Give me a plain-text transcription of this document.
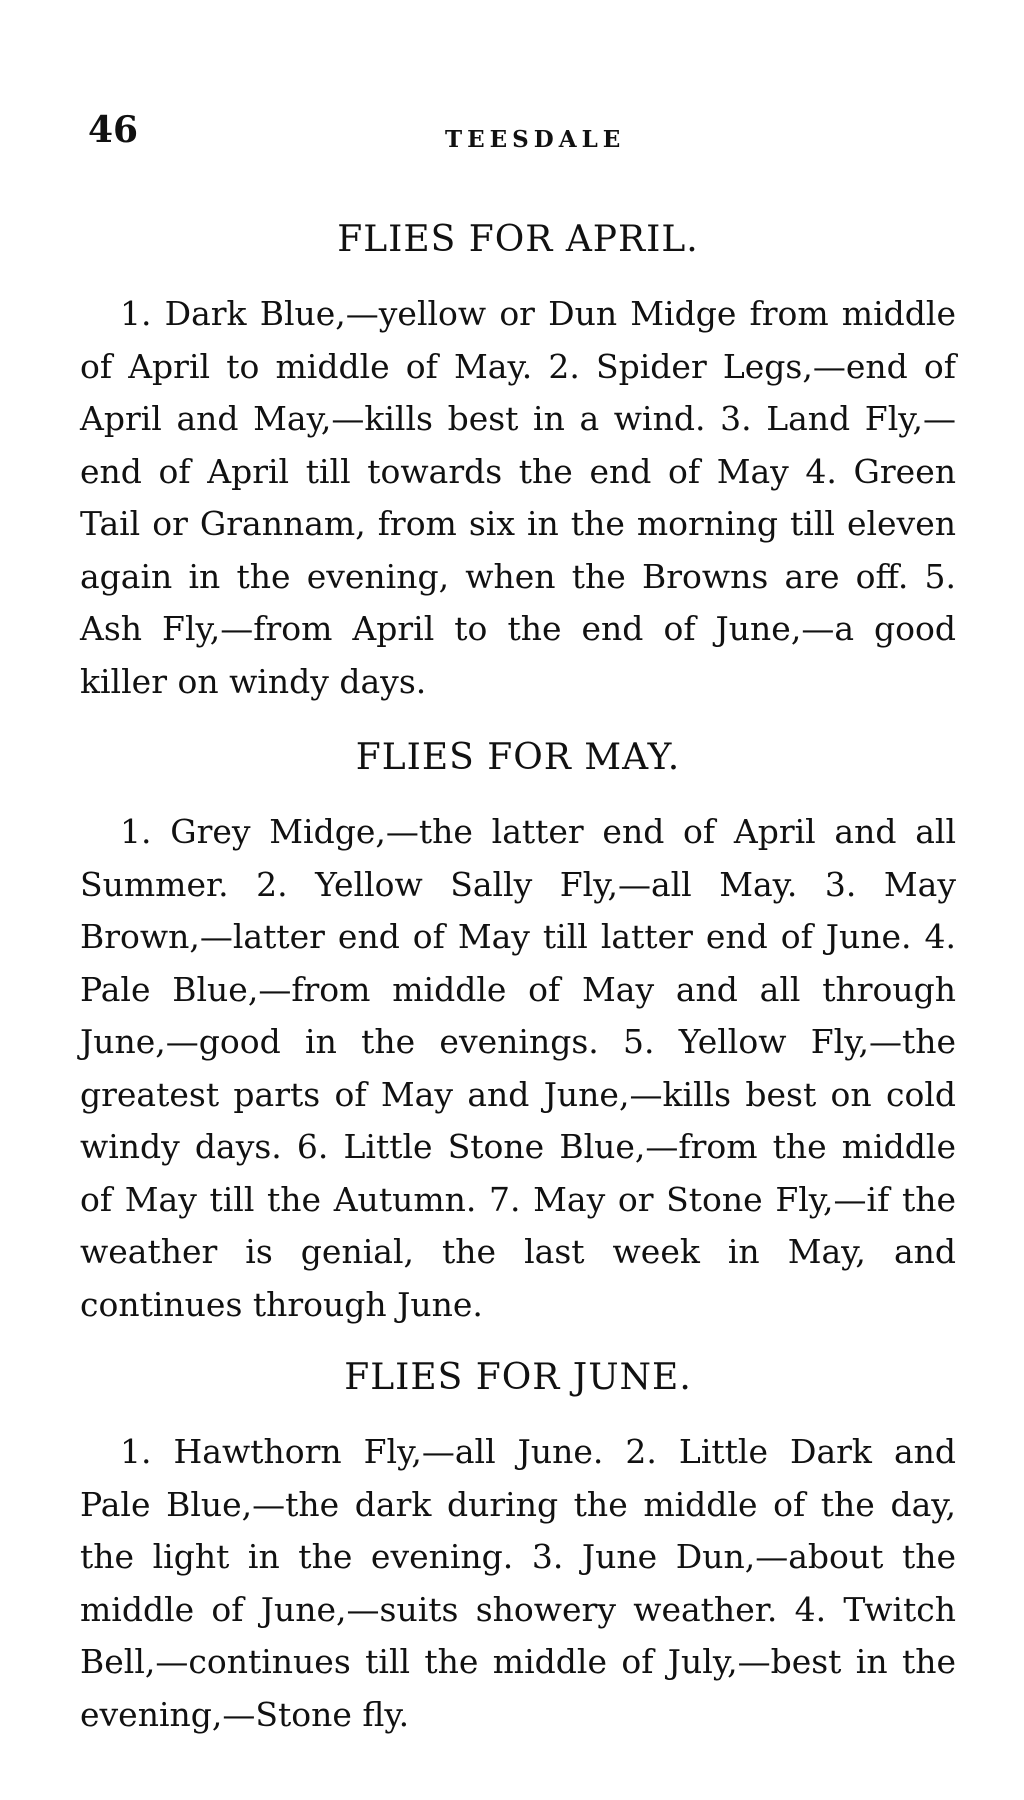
46	TEESDALE
FLIES FOR APRIL.

1. Dark Blue,—yellow or Dun Midge from middle of April to middle of May. 2. Spider Legs,—end of April and May,—kills best in a wind. 3. Land Fly,—end of April till towards the end of May 4. Green Tail or Grannam, from six in the morning till eleven again in the evening, when the Browns are off. 5. Ash Fly,—from April to the end of June,—a good killer on windy days.

FLIES FOR MAY.

1. Grey Midge,—the latter end of April and all Summer. 2. Yellow Sally Fly,—all May. 3. May Brown,—latter end of May till latter end of June. 4. Pale Blue,—from middle of May and all through June,—good in the evenings. 5. Yellow Fly,—the greatest parts of May and June,—kills best on cold windy days. 6. Little Stone Blue,—from the middle of May till the Autumn. 7. May or Stone Fly,—if the weather is genial, the last week in May, and continues through June.

FLIES FOR JUNE.

1. Hawthorn Fly,—all June. 2. Little Dark and Pale Blue,—the dark during the middle of the day, the light in the evening. 3. June Dun,—about the middle of June,—suits showery weather. 4. Twitch Bell,—continues till the middle of July,—best in the evening,—Stone fly.
